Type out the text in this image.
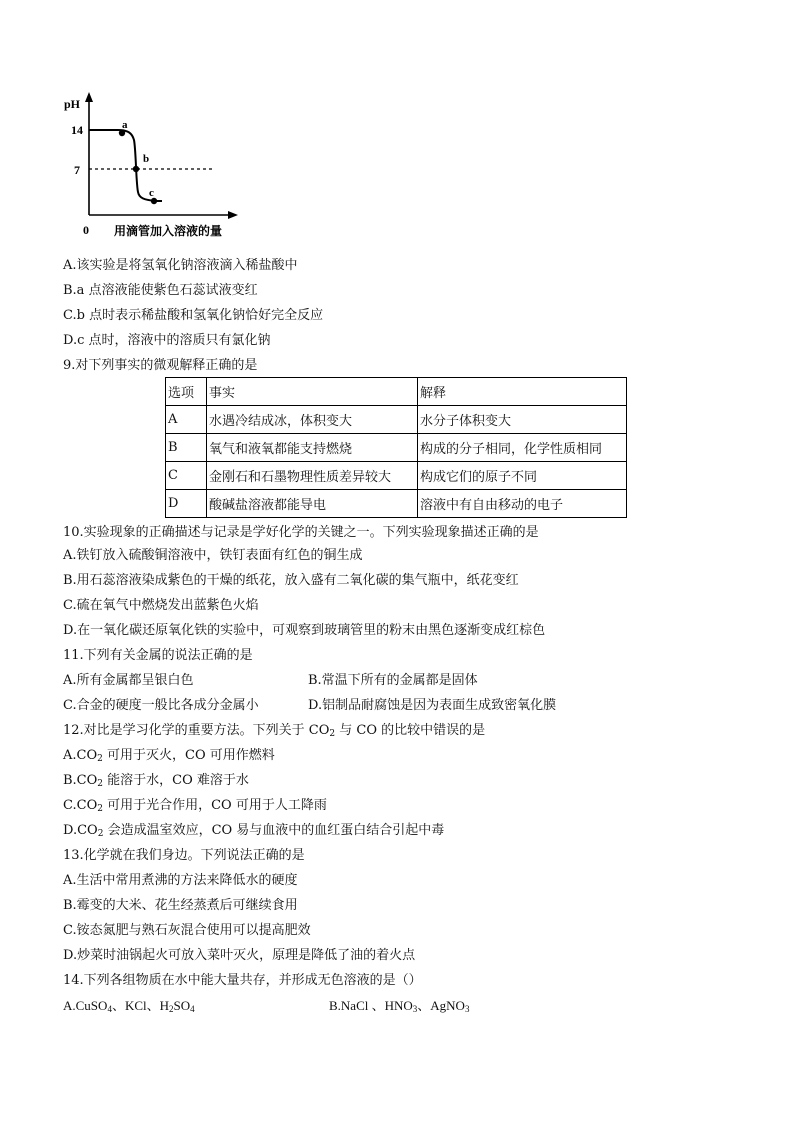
pH
14
7
0
a
b
c
用滴管加入溶液的量
A.该实验是将氢氧化钠溶液滴入稀盐酸中
B.a 点溶液能使紫色石蕊试液变红
C.b 点时表示稀盐酸和氢氧化钠恰好完全反应
D.c 点时，溶液中的溶质只有氯化钠
9.对下列事实的微观解释正确的是
选项	事实	解释
A	水遇冷结成冰，体积变大	水分子体积变大
B	氧气和液氧都能支持燃烧	构成的分子相同，化学性质相同
C	金刚石和石墨物理性质差异较大	构成它们的原子不同
D	酸碱盐溶液都能导电	溶液中有自由移动的电子
10.实验现象的正确描述与记录是学好化学的关键之一。下列实验现象描述正确的是
A.铁钉放入硫酸铜溶液中，铁钉表面有红色的铜生成
B.用石蕊溶液染成紫色的干燥的纸花，放入盛有二氧化碳的集气瓶中，纸花变红
C.硫在氧气中燃烧发出蓝紫色火焰
D.在一氧化碳还原氧化铁的实验中，可观察到玻璃管里的粉末由黑色逐渐变成红棕色
11.下列有关金属的说法正确的是
A.所有金属都呈银白色	B.常温下所有的金属都是固体
C.合金的硬度一般比各成分金属小	D.铝制品耐腐蚀是因为表面生成致密氧化膜
12.对比是学习化学的重要方法。下列关于 $CO_2$ 与 CO 的比较中错误的是
$A.CO_2$ 可用于灭火，CO 可用作燃料
$B.CO_2$ 能溶于水，CO 难溶于水
$C.CO_2$ 可用于光合作用，CO 可用于人工降雨
$D.CO_2$ 会造成温室效应，CO 易与血液中的血红蛋白结合引起中毒
13.化学就在我们身边。下列说法正确的是
A.生活中常用煮沸的方法来降低水的硬度
B.霉变的大米、花生经蒸煮后可继续食用
C.铵态氮肥与熟石灰混合使用可以提高肥效
D.炒菜时油锅起火可放入菜叶灭火，原理是降低了油的着火点
14.下列各组物质在水中能大量共存，并形成无色溶液的是（）
A.CuSO$_4$、KCl、$H_2SO_4$	B.NaCl 、$HNO_3$、AgNO$_3$
